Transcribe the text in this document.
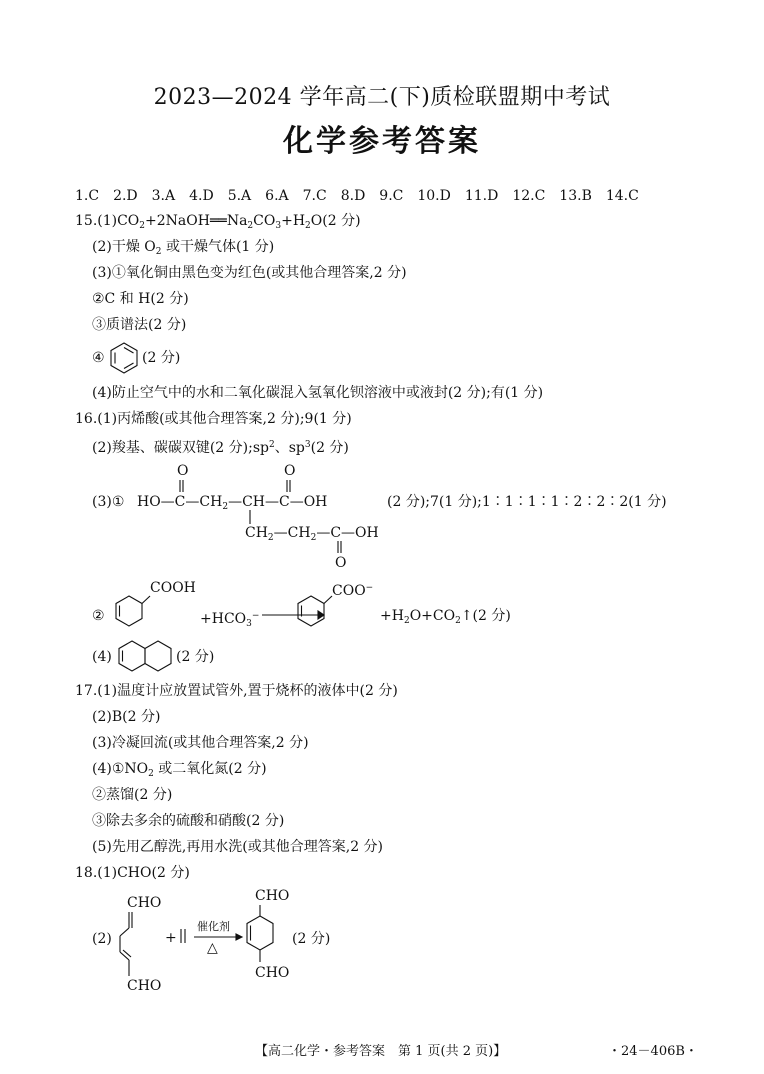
2023—2024 学年高二(下)质检联盟期中考试
化学参考答案
1.C　2.D　3.A　4.D　5.A　6.A　7.C　8.D　9.C　10.D　11.D　12.C　13.B　14.C
$15.(1)CO_2+2NaOH══Na_2CO_3+H_2O(2$ 分)
(2)干燥 $O_2$ 或干燥气体(1 分)
(3)①氧化铜由黑色变为红色(或其他合理答案,2 分)
②C 和 H(2 分)
③质谱法(2 分)
④	(2 分)
(4)防止空气中的水和二氧化碳混入氢氧化钡溶液中或液封(2 分);有(1 分)
16.(1)丙烯酸(或其他合理答案,2 分);9(1 分)
(2)羧基、碳碳双键(2 分)$;sp^2$、$sp^3(2$ 分)
(3)①
O	O
$HO—C—CH_2—CH—C—OH$
$CH_2—CH_2—C—OH$
O
(2 分);7(1 分);1∶1∶1∶1∶2∶2∶2(1 分)
②
COOH
$+HCO_3^-$ →
COO−
$+H_2O+CO_2↑(2$ 分)
(4)	(2 分)
17.(1)温度计应放置试管外,置于烧杯的液体中(2 分)
(2)B(2 分)
(3)冷凝回流(或其他合理答案,2 分)
$(4)①NO_2$ 或二氧化氮(2 分)
②蒸馏(2 分)
③除去多余的硫酸和硝酸(2 分)
(5)先用乙醇洗,再用水洗(或其他合理答案,2 分)
18.(1)CHO(2 分)
(2)
CHO
CHO
+
催化剂
△
CHO
CHO
(2 分)
【高二化学・参考答案　第 1 页(共 2 页)】	・24－406B・
